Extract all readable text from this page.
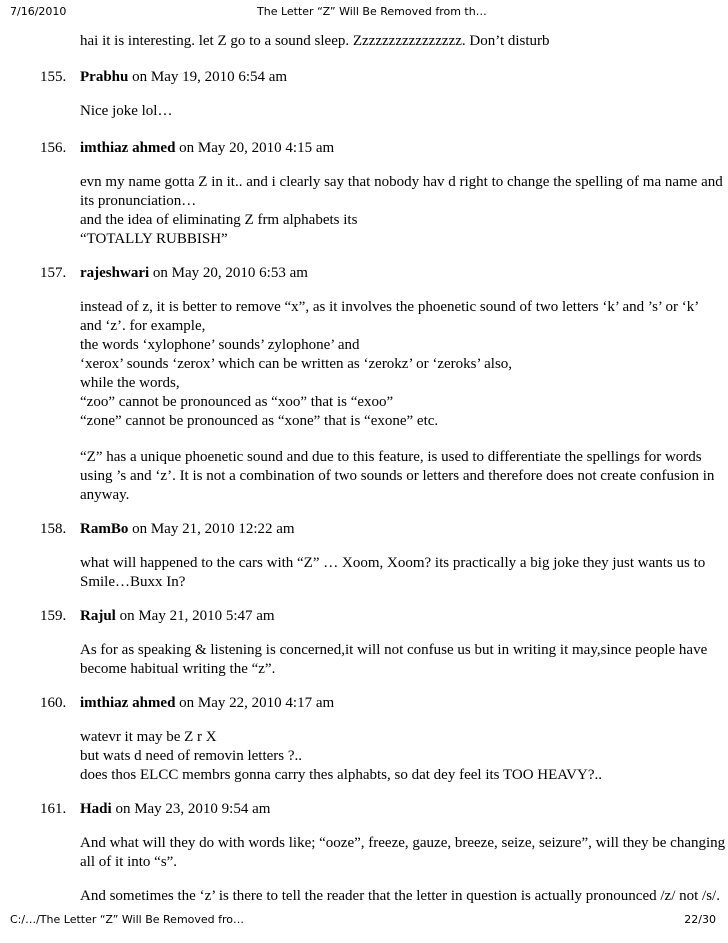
7/16/2010	The Letter “Z” Will Be Removed from th…
hai it is interesting. let Z go to a sound sleep. Zzzzzzzzzzzzzzzz. Don’t disturb
155. Prabhu on May 19, 2010 6:54 am
Nice joke lol…
156. imthiaz ahmed on May 20, 2010 4:15 am
evn my name gotta Z in it.. and i clearly say that nobody hav d right to change the spelling of ma name and
its pronunciation…
and the idea of eliminating Z frm alphabets its
“TOTALLY RUBBISH”
157. rajeshwari on May 20, 2010 6:53 am
instead of z, it is better to remove “x”, as it involves the phoenetic sound of two letters ‘k’ and ’s’ or ‘k’
and ‘z’. for example,
the words ‘xylophone’ sounds’ zylophone’ and
‘xerox’ sounds ‘zerox’ which can be written as ‘zerokz’ or ‘zeroks’ also,
while the words,
“zoo” cannot be pronounced as “xoo” that is “exoo”
“zone” cannot be pronounced as “xone” that is “exone” etc.
“Z” has a unique phoenetic sound and due to this feature, is used to differentiate the spellings for words
using ’s and ‘z’. It is not a combination of two sounds or letters and therefore does not create confusion in
anyway.
158. RamBo on May 21, 2010 12:22 am
what will happened to the cars with “Z” … Xoom, Xoom? its practically a big joke they just wants us to
Smile…Buxx In?
159. Rajul on May 21, 2010 5:47 am
As for as speaking & listening is concerned,it will not confuse us but in writing it may,since people have
become habitual writing the “z”.
160. imthiaz ahmed on May 22, 2010 4:17 am
watevr it may be Z r X
but wats d need of removin letters ?..
does thos ELCC membrs gonna carry thes alphabts, so dat dey feel its TOO HEAVY?..
161. Hadi on May 23, 2010 9:54 am
And what will they do with words like; “ooze”, freeze, gauze, breeze, seize, seizure”, will they be changing
all of it into “s”.
And sometimes the ‘z’ is there to tell the reader that the letter in question is actually pronounced /z/ not /s/.
C:/…/The Letter “Z” Will Be Removed fro…	22/30
